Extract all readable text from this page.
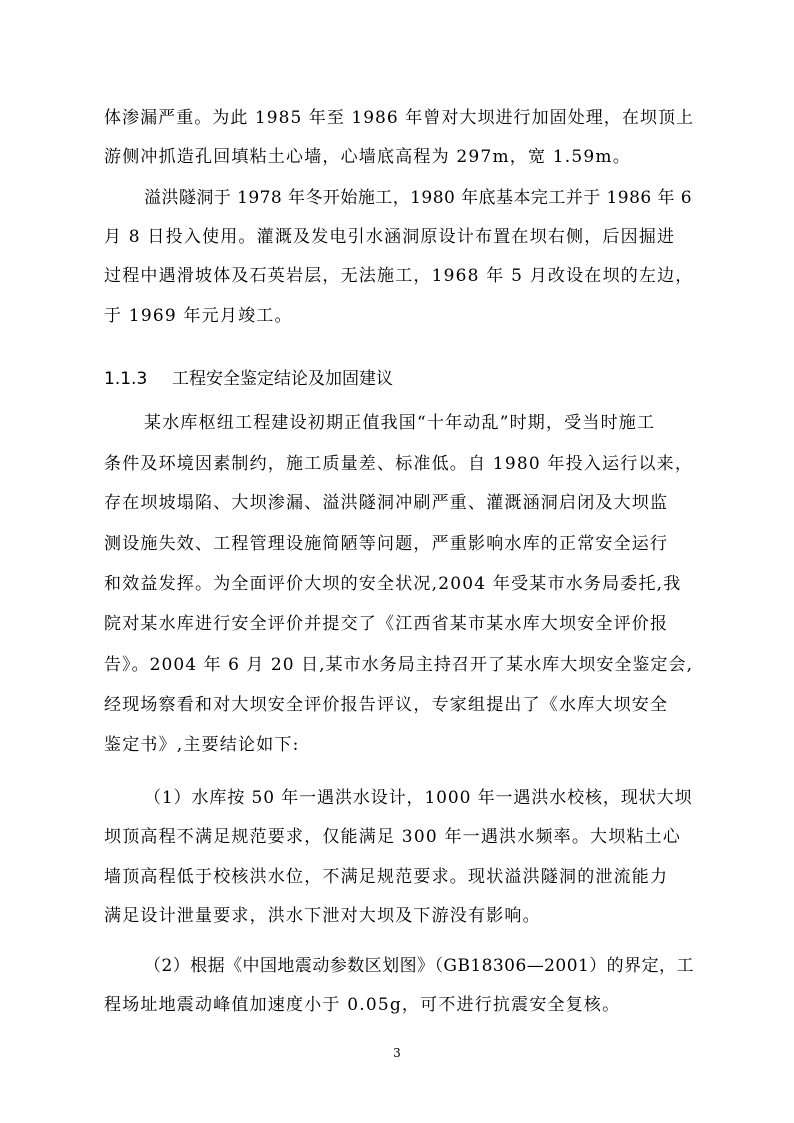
体渗漏严重。为此 1985 年至 1986 年曾对大坝进行加固处理，在坝顶上
游侧冲抓造孔回填粘土心墙，心墙底高程为 297m，宽 1.59m。
溢洪隧洞于 1978 年冬开始施工，1980 年底基本完工并于 1986 年 6
月 8 日投入使用。灌溉及发电引水涵洞原设计布置在坝右侧，后因掘进
过程中遇滑坡体及石英岩层，无法施工，1968 年 5 月改设在坝的左边，
于 1969 年元月竣工。
1.1.3 工程安全鉴定结论及加固建议
某水库枢纽工程建设初期正值我国“十年动乱”时期，受当时施工
条件及环境因素制约，施工质量差、标准低。自 1980 年投入运行以来，
存在坝坡塌陷、大坝渗漏、溢洪隧洞冲刷严重、灌溉涵洞启闭及大坝监
测设施失效、工程管理设施简陋等问题，严重影响水库的正常安全运行
和效益发挥。为全面评价大坝的安全状况,2004 年受某市水务局委托,我
院对某水库进行安全评价并提交了《江西省某市某水库大坝安全评价报
告》。2004 年 6 月 20 日,某市水务局主持召开了某水库大坝安全鉴定会,
经现场察看和对大坝安全评价报告评议，专家组提出了《水库大坝安全
鉴定书》,主要结论如下:
（1）水库按 50 年一遇洪水设计，1000 年一遇洪水校核，现状大坝
坝顶高程不满足规范要求，仅能满足 300 年一遇洪水频率。大坝粘土心
墙顶高程低于校核洪水位，不满足规范要求。现状溢洪隧洞的泄流能力
满足设计泄量要求，洪水下泄对大坝及下游没有影响。
（2）根据《中国地震动参数区划图》（GB18306—2001）的界定，工
程场址地震动峰值加速度小于 0.05g，可不进行抗震安全复核。
3
